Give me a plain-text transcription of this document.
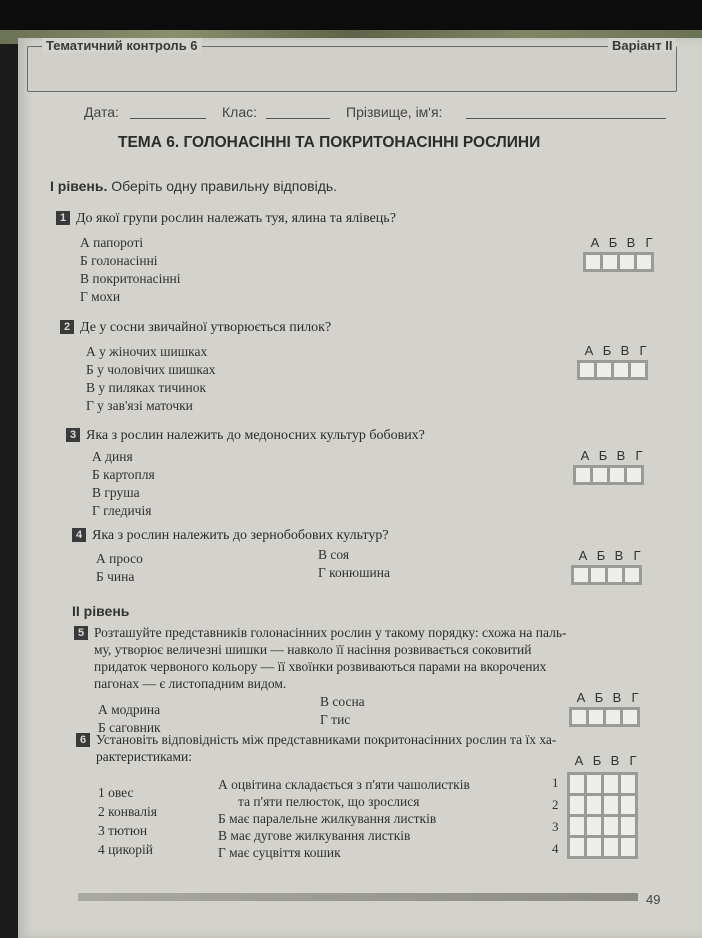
Тематичний контроль 6	Варіант II
Дата:	Клас:	Прізвище, ім'я:
ТЕМА 6. ГОЛОНАСІННІ ТА ПОКРИТОНАСІННІ РОСЛИНИ
І рівень. Оберіть одну правильну відповідь.
1 До якої групи рослин належать туя, ялина та ялівець?
А папороті
Б голонасінні
В покритонасінні
Г мохи
А Б В Г
2 Де у сосни звичайної утворюється пилок?
А у жіночих шишках
Б у чоловічих шишках
В у пиляках тичинок
Г у зав'язі маточки
А Б В Г
3 Яка з рослин належить до медоносних культур бобових?
А диня
Б картопля
В груша
Г гледичія
А Б В Г
4 Яка з рослин належить до зернобобових культур?
А просо
Б чина
В соя
Г конюшина
А Б В Г
II рівень
5 Розташуйте представників голонасінних рослин у такому порядку: схожа на паль-
му, утворює величезні шишки — навколо її насіння розвивається соковитий
придаток червоного кольору — її хвоїнки розвиваються парами на вкорочених
пагонах — є листопадним видом.
А модрина
Б саговник
В сосна
Г тис
А Б В Г
6 Установіть відповідність між представниками покритонасінних рослин та їх ха-
рактеристиками:
1 овес
2 конвалія
3 тютюн
4 цикорій
А оцвітина складається з п'яти чашолистків
та п'яти пелюсток, що зрослися
Б має паралельне жилкування листків
В має дугове жилкування листків
Г має суцвіття кошик
А Б В Г
1
2
3
4
49
